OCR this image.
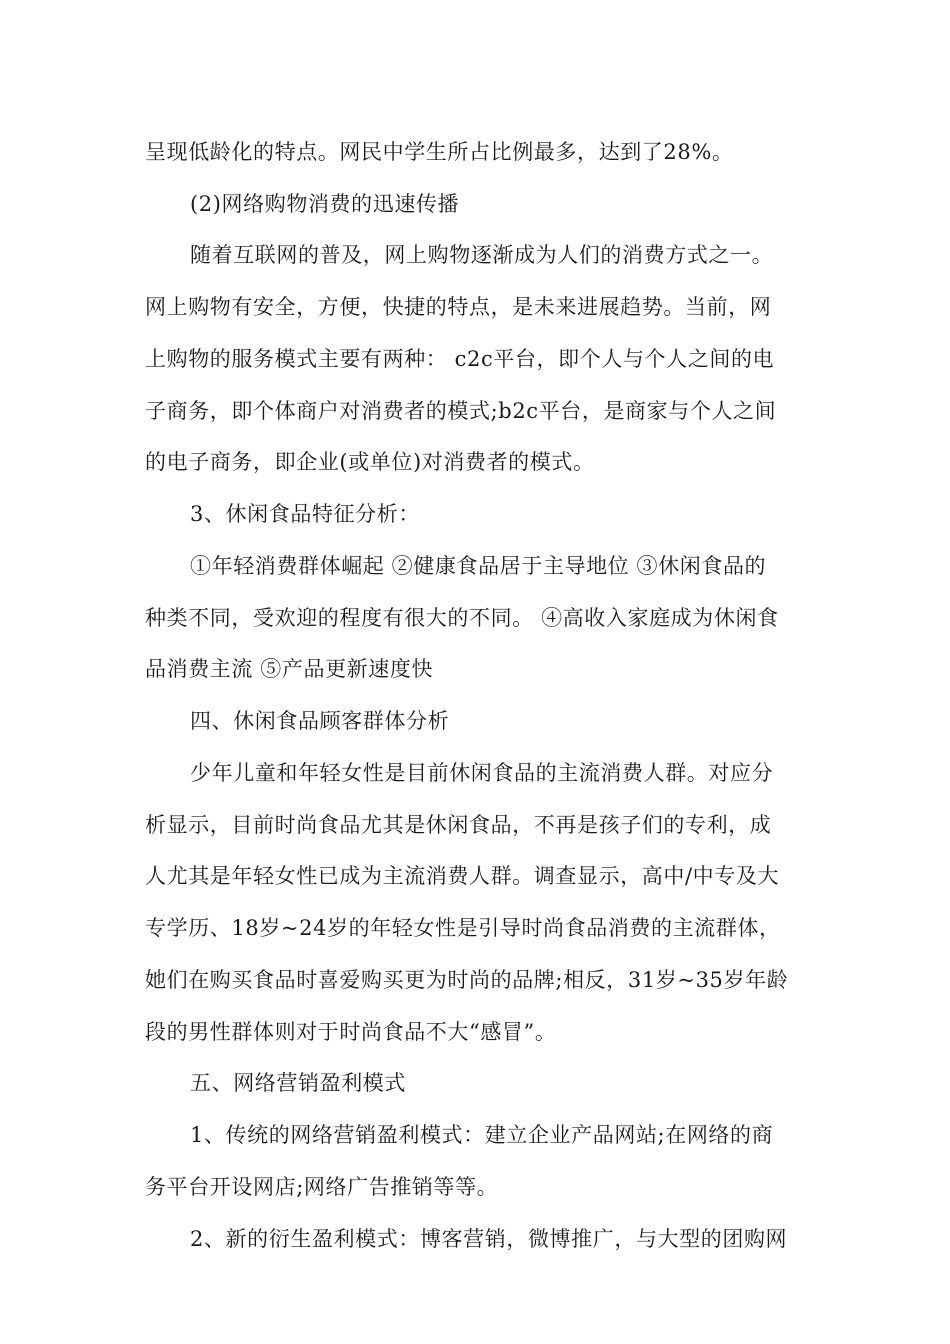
呈现低龄化的特点。网民中学生所占比例最多，达到了28%。
(2)网络购物消费的迅速传播
随着互联网的普及，网上购物逐渐成为人们的消费方式之一。
网上购物有安全，方便，快捷的特点，是未来进展趋势。当前，网
上购物的服务模式主要有两种： c2c平台，即个人与个人之间的电
子商务，即个体商户对消费者的模式;b2c平台，是商家与个人之间
的电子商务，即企业(或单位)对消费者的模式。
3、休闲食品特征分析：
①年轻消费群体崛起 ②健康食品居于主导地位 ③休闲食品的
种类不同，受欢迎的程度有很大的不同。 ④高收入家庭成为休闲食
品消费主流 ⑤产品更新速度快
四、休闲食品顾客群体分析
少年儿童和年轻女性是目前休闲食品的主流消费人群。对应分
析显示，目前时尚食品尤其是休闲食品，不再是孩子们的专利，成
人尤其是年轻女性已成为主流消费人群。调查显示，高中/中专及大
专学历、18岁~24岁的年轻女性是引导时尚食品消费的主流群体，
她们在购买食品时喜爱购买更为时尚的品牌;相反，31岁~35岁年龄
段的男性群体则对于时尚食品不大“感冒”。
五、网络营销盈利模式
1、传统的网络营销盈利模式：建立企业产品网站;在网络的商
务平台开设网店;网络广告推销等等。
2、新的衍生盈利模式：博客营销，微博推广，与大型的团购网
